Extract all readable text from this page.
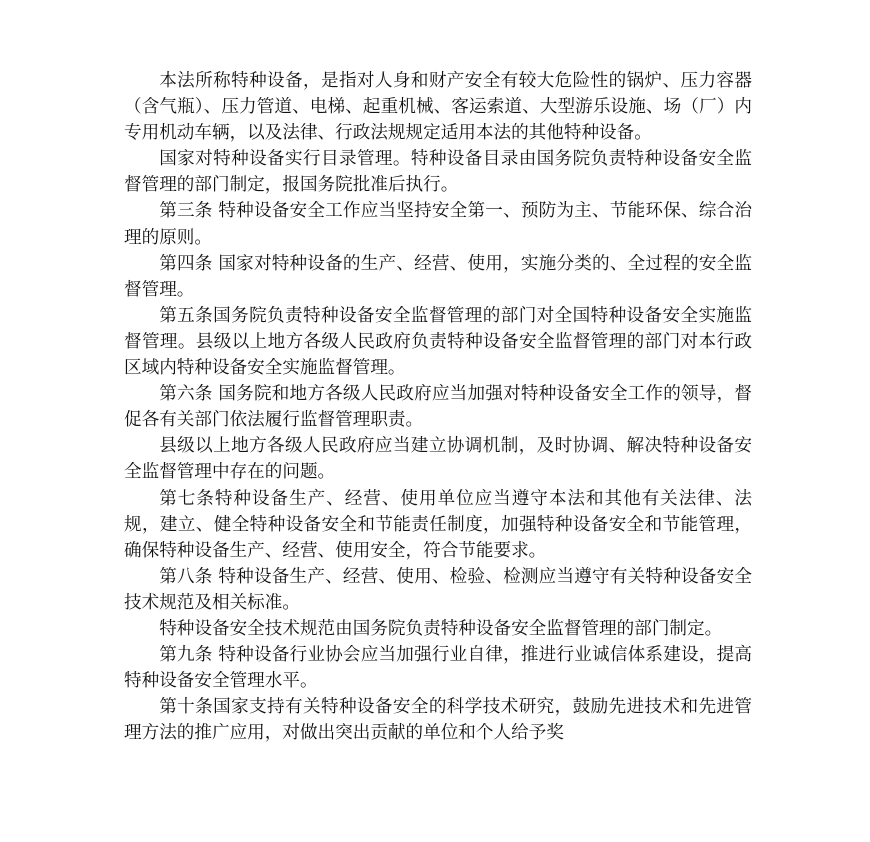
本法所称特种设备，是指对人身和财产安全有较大危险性的锅炉、压力容器（含气瓶）、压力管道、电梯、起重机械、客运索道、大型游乐设施、场（厂）内专用机动车辆，以及法律、行政法规规定适用本法的其他特种设备。

国家对特种设备实行目录管理。特种设备目录由国务院负责特种设备安全监督管理的部门制定，报国务院批准后执行。

第三条 特种设备安全工作应当坚持安全第一、预防为主、节能环保、综合治理的原则。

第四条 国家对特种设备的生产、经营、使用，实施分类的、全过程的安全监督管理。

第五条国务院负责特种设备安全监督管理的部门对全国特种设备安全实施监督管理。县级以上地方各级人民政府负责特种设备安全监督管理的部门对本行政区域内特种设备安全实施监督管理。

第六条 国务院和地方各级人民政府应当加强对特种设备安全工作的领导，督促各有关部门依法履行监督管理职责。

县级以上地方各级人民政府应当建立协调机制，及时协调、解决特种设备安全监督管理中存在的问题。

第七条特种设备生产、经营、使用单位应当遵守本法和其他有关法律、法规，建立、健全特种设备安全和节能责任制度，加强特种设备安全和节能管理，确保特种设备生产、经营、使用安全，符合节能要求。

第八条 特种设备生产、经营、使用、检验、检测应当遵守有关特种设备安全技术规范及相关标准。

特种设备安全技术规范由国务院负责特种设备安全监督管理的部门制定。

第九条 特种设备行业协会应当加强行业自律，推进行业诚信体系建设，提高特种设备安全管理水平。

第十条国家支持有关特种设备安全的科学技术研究，鼓励先进技术和先进管理方法的推广应用，对做出突出贡献的单位和个人给予奖
